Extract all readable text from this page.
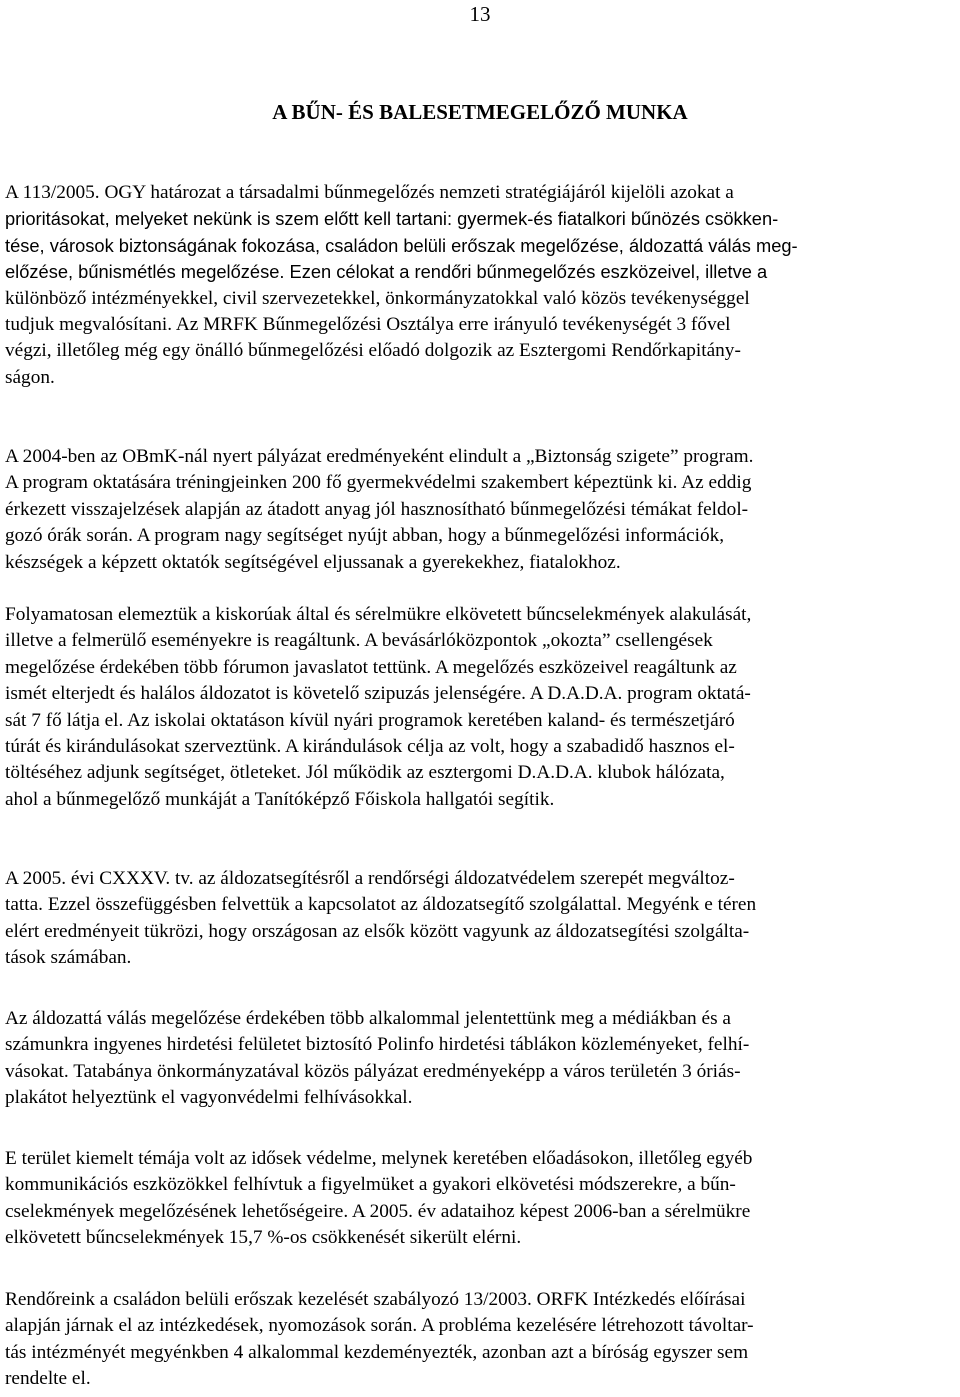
13
A BŰN- ÉS BALESETMEGELŐZŐ MUNKA

A 113/2005. OGY határozat a társadalmi bűnmegelőzés nemzeti stratégiájáról kijelöli azokat a
prioritásokat, melyeket nekünk is szem előtt kell tartani: gyermek-és fiatalkori bűnözés csökken-
tése, városok biztonságának fokozása, családon belüli erőszak megelőzése, áldozattá válás meg-
előzése, bűnismétlés megelőzése. Ezen célokat a rendőri bűnmegelőzés eszközeivel, illetve a
különböző intézményekkel, civil szervezetekkel, önkormányzatokkal való közös tevékenységgel
tudjuk megvalósítani. Az MRFK Bűnmegelőzési Osztálya erre irányuló tevékenységét 3 fővel
végzi, illetőleg még egy önálló bűnmegelőzési előadó dolgozik az Esztergomi Rendőrkapitány-
ságon.

A 2004-ben az OBmK-nál nyert pályázat eredményeként elindult a „Biztonság szigete” program.
A program oktatására tréningjeinken 200 fő gyermekvédelmi szakembert képeztünk ki. Az eddig
érkezett visszajelzések alapján az átadott anyag jól hasznosítható bűnmegelőzési témákat feldol-
gozó órák során. A program nagy segítséget nyújt abban, hogy a bűnmegelőzési információk,
készségek a képzett oktatók segítségével eljussanak a gyerekekhez, fiatalokhoz.

Folyamatosan elemeztük a kiskorúak által és sérelmükre elkövetett bűncselekmények alakulását,
illetve a felmerülő eseményekre is reagáltunk. A bevásárlóközpontok „okozta” csellengések
megelőzése érdekében több fórumon javaslatot tettünk. A megelőzés eszközeivel reagáltunk az
ismét elterjedt és halálos áldozatot is követelő szipuzás jelenségére. A D.A.D.A. program oktatá-
sát 7 fő látja el. Az iskolai oktatáson kívül nyári programok keretében kaland- és természetjáró
túrát és kirándulásokat szerveztünk. A kirándulások célja az volt, hogy a szabadidő hasznos el-
töltéséhez adjunk segítséget, ötleteket. Jól működik az esztergomi D.A.D.A. klubok hálózata,
ahol a bűnmegelőző munkáját a Tanítóképző Főiskola hallgatói segítik.

A 2005. évi CXXXV. tv. az áldozatsegítésről a rendőrségi áldozatvédelem szerepét megváltoz-
tatta. Ezzel összefüggésben felvettük a kapcsolatot az áldozatsegítő szolgálattal. Megyénk e téren
elért eredményeit tükrözi, hogy országosan az elsők között vagyunk az áldozatsegítési szolgálta-
tások számában.

Az áldozattá válás megelőzése érdekében több alkalommal jelentettünk meg a médiákban és a
számunkra ingyenes hirdetési felületet biztosító Polinfo hirdetési táblákon közleményeket, felhí-
vásokat. Tatabánya önkormányzatával közös pályázat eredményeképp a város területén 3 óriás-
plakátot helyeztünk el vagyonvédelmi felhívásokkal.

E terület kiemelt témája volt az idősek védelme, melynek keretében előadásokon, illetőleg egyéb
kommunikációs eszközökkel felhívtuk a figyelmüket a gyakori elkövetési módszerekre, a bűn-
cselekmények megelőzésének lehetőségeire. A 2005. év adataihoz képest 2006-ban a sérelmükre
elkövetett bűncselekmények 15,7 %-os csökkenését sikerült elérni.

Rendőreink a családon belüli erőszak kezelését szabályozó 13/2003. ORFK Intézkedés előírásai
alapján járnak el az intézkedések, nyomozások során. A probléma kezelésére létrehozott távoltar-
tás intézményét megyénkben 4 alkalommal kezdeményezték, azonban azt a bíróság egyszer sem
rendelte el.
